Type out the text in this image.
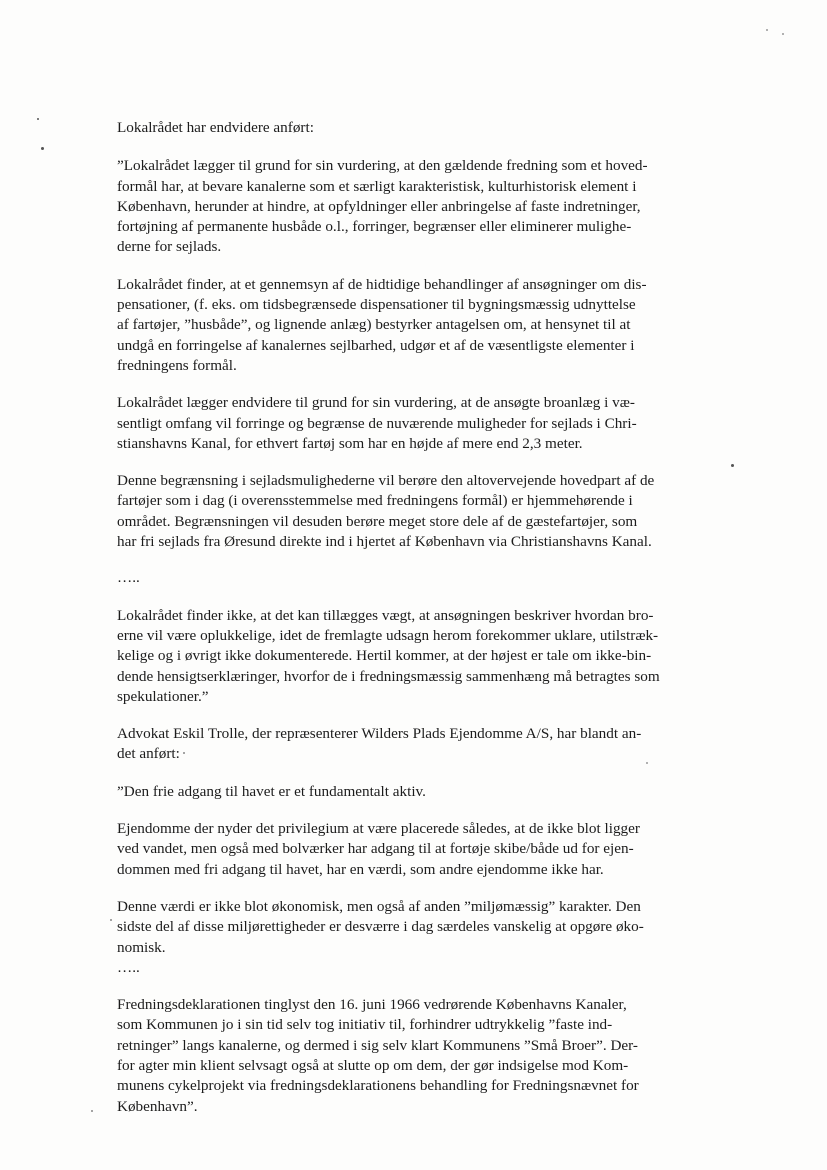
Lokalrådet har endvidere anført:
”Lokalrådet lægger til grund for sin vurdering, at den gældende fredning som et hoved-
formål har, at bevare kanalerne som et særligt karakteristisk, kulturhistorisk element i
København, herunder at hindre, at opfyldninger eller anbringelse af faste indretninger,
fortøjning af permanente husbåde o.l., forringer, begrænser eller eliminerer mulighe-
derne for sejlads.
Lokalrådet finder, at et gennemsyn af de hidtidige behandlinger af ansøgninger om dis-
pensationer, (f. eks. om tidsbegrænsede dispensationer til bygningsmæssig udnyttelse
af fartøjer, ”husbåde”, og lignende anlæg) bestyrker antagelsen om, at hensynet til at
undgå en forringelse af kanalernes sejlbarhed, udgør et af de væsentligste elementer i
fredningens formål.
Lokalrådet lægger endvidere til grund for sin vurdering, at de ansøgte broanlæg i væ-
sentligt omfang vil forringe og begrænse de nuværende muligheder for sejlads i Chri-
stianshavns Kanal, for ethvert fartøj som har en højde af mere end 2,3 meter.
Denne begrænsning i sejladsmulighederne vil berøre den altovervejende hovedpart af de
fartøjer som i dag (i overensstemmelse med fredningens formål) er hjemmehørende i
området. Begrænsningen vil desuden berøre meget store dele af de gæstefartøjer, som
har fri sejlads fra Øresund direkte ind i hjertet af København via Christianshavns Kanal.
…..
Lokalrådet finder ikke, at det kan tillægges vægt, at ansøgningen beskriver hvordan bro-
erne vil være oplukkelige, idet de fremlagte udsagn herom forekommer uklare, utilstræk-
kelige og i øvrigt ikke dokumenterede. Hertil kommer, at der højest er tale om ikke-bin-
dende hensigtserklæringer, hvorfor de i fredningsmæssig sammenhæng må betragtes som
spekulationer.”
Advokat Eskil Trolle, der repræsenterer Wilders Plads Ejendomme A/S, har blandt an-
det anført:
”Den frie adgang til havet er et fundamentalt aktiv.
Ejendomme der nyder det privilegium at være placerede således, at de ikke blot ligger
ved vandet, men også med bolværker har adgang til at fortøje skibe/både ud for ejen-
dommen med fri adgang til havet, har en værdi, som andre ejendomme ikke har.
Denne værdi er ikke blot økonomisk, men også af anden ”miljømæssig” karakter. Den
sidste del af disse miljørettigheder er desværre i dag særdeles vanskelig at opgøre øko-
nomisk.
…..
Fredningsdeklarationen tinglyst den 16. juni 1966 vedrørende Københavns Kanaler,
som Kommunen jo i sin tid selv tog initiativ til, forhindrer udtrykkelig ”faste ind-
retninger” langs kanalerne, og dermed i sig selv klart Kommunens ”Små Broer”. Der-
for agter min klient selvsagt også at slutte op om dem, der gør indsigelse mod Kom-
munens cykelprojekt via fredningsdeklarationens behandling for Fredningsnævnet for
København”.
